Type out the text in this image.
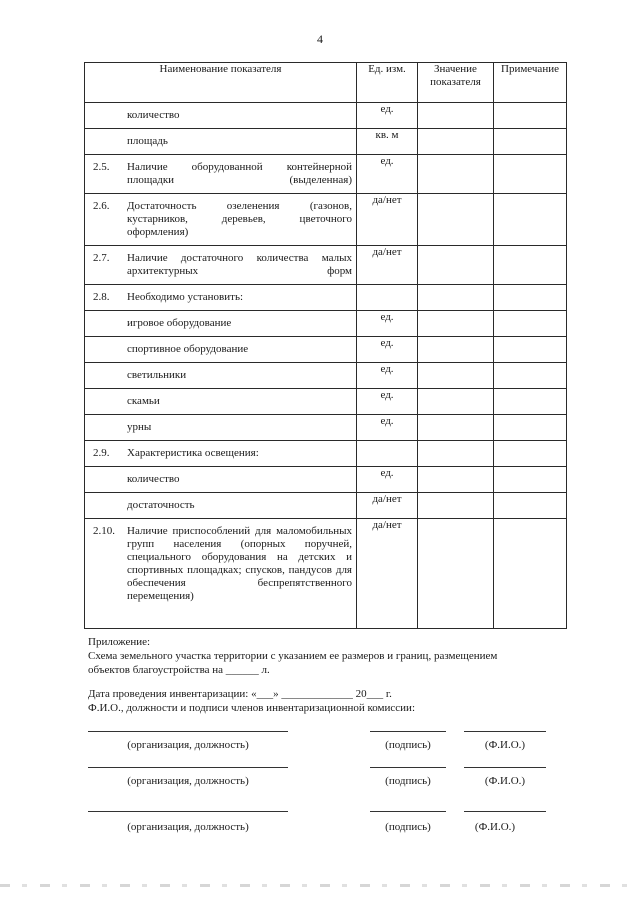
4
Наименование показателя	Ед. изм.	Значение показателя	Примечание

количество	ед.		

площадь	кв. м		

2.5. Наличие оборудованной контейнерной площадки (выделенная)	ед.		

2.6. Достаточность озеленения (газонов, кустарников, деревьев, цветочного оформления)	да/нет		

2.7. Наличие достаточного количества малых архитектурных форм	да/нет		

2.8. Необходимо установить:			

игровое оборудование	ед.		

спортивное оборудование	ед.		

светильники	ед.		

скамьи	ед.		

урны	ед.		

2.9. Характеристика освещения:			

количество	ед.		

достаточность	да/нет		

2.10. Наличие приспособлений для маломобильных групп населения (опорных поручней, специального оборудования на детских и спортивных площадках; спусков, пандусов для обеспечения беспрепятственного перемещения)	да/нет		
Приложение:
Схема земельного участка территории с указанием ее размеров и границ, размещением
объектов благоустройства на ______ л.
Дата проведения инвентаризации: «___» _____________ 20___ г.
Ф.И.О., должности и подписи членов инвентаризационной комиссии:
(организация, должность)	(подпись)	(Ф.И.О.)
(организация, должность)	(подпись)	(Ф.И.О.)
(организация, должность)	(подпись)	(Ф.И.О.)
